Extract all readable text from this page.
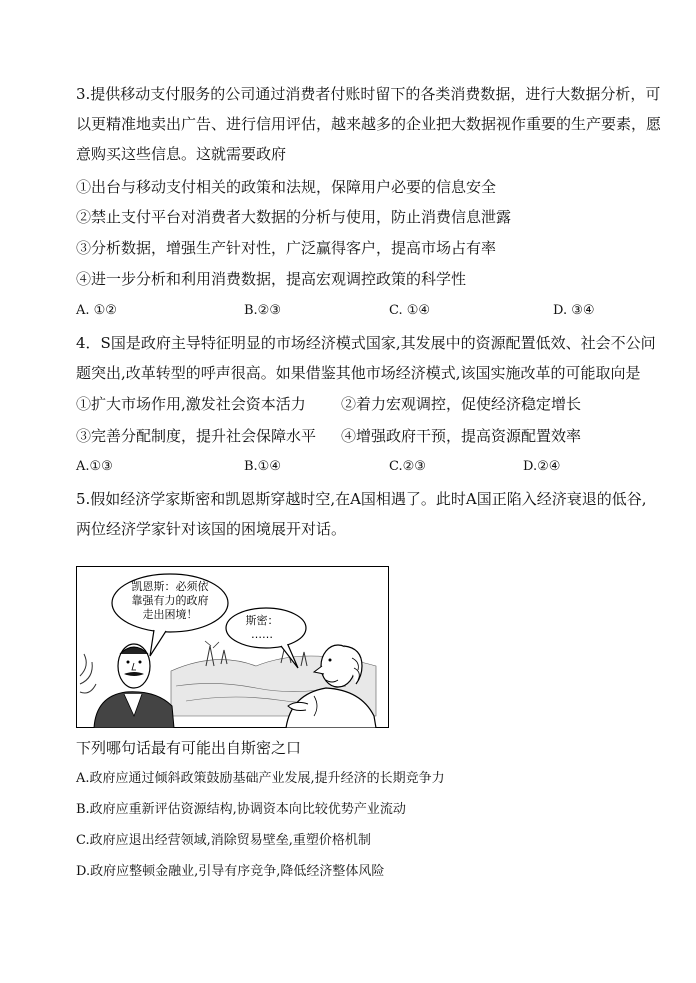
3.提供移动支付服务的公司通过消费者付账时留下的各类消费数据，进行大数据分析，可
以更精准地卖出广告、进行信用评估，越来越多的企业把大数据视作重要的生产要素，愿
意购买这些信息。这就需要政府
①出台与移动支付相关的政策和法规，保障用户必要的信息安全
②禁止支付平台对消费者大数据的分析与使用，防止消费信息泄露
③分析数据，增强生产针对性，广泛赢得客户，提高市场占有率
④进一步分析和利用消费数据，提高宏观调控政策的科学性
A. ①②	B.②③	C. ①④	D. ③④
4．S国是政府主导特征明显的市场经济模式国家,其发展中的资源配置低效、社会不公问
题突出,改革转型的呼声很高。如果借鉴其他市场经济模式,该国实施改革的可能取向是
①扩大市场作用,激发社会资本活力 ②着力宏观调控，促使经济稳定增长
③完善分配制度，提升社会保障水平 ④增强政府干预，提高资源配置效率
A.①③	B.①④	C.②③	D.②④
5.假如经济学家斯密和凯恩斯穿越时空,在A国相遇了。此时A国正陷入经济衰退的低谷,
两位经济学家针对该国的困境展开对话。
凯恩斯：必须依
靠强有力的政府
走出困境！	斯密：
……
下列哪句话最有可能出自斯密之口
A.政府应通过倾斜政策鼓励基础产业发展,提升经济的长期竞争力
B.政府应重新评估资源结构,协调资本向比较优势产业流动
C.政府应退出经营领域,消除贸易壁垒,重塑价格机制
D.政府应整顿金融业,引导有序竞争,降低经济整体风险
